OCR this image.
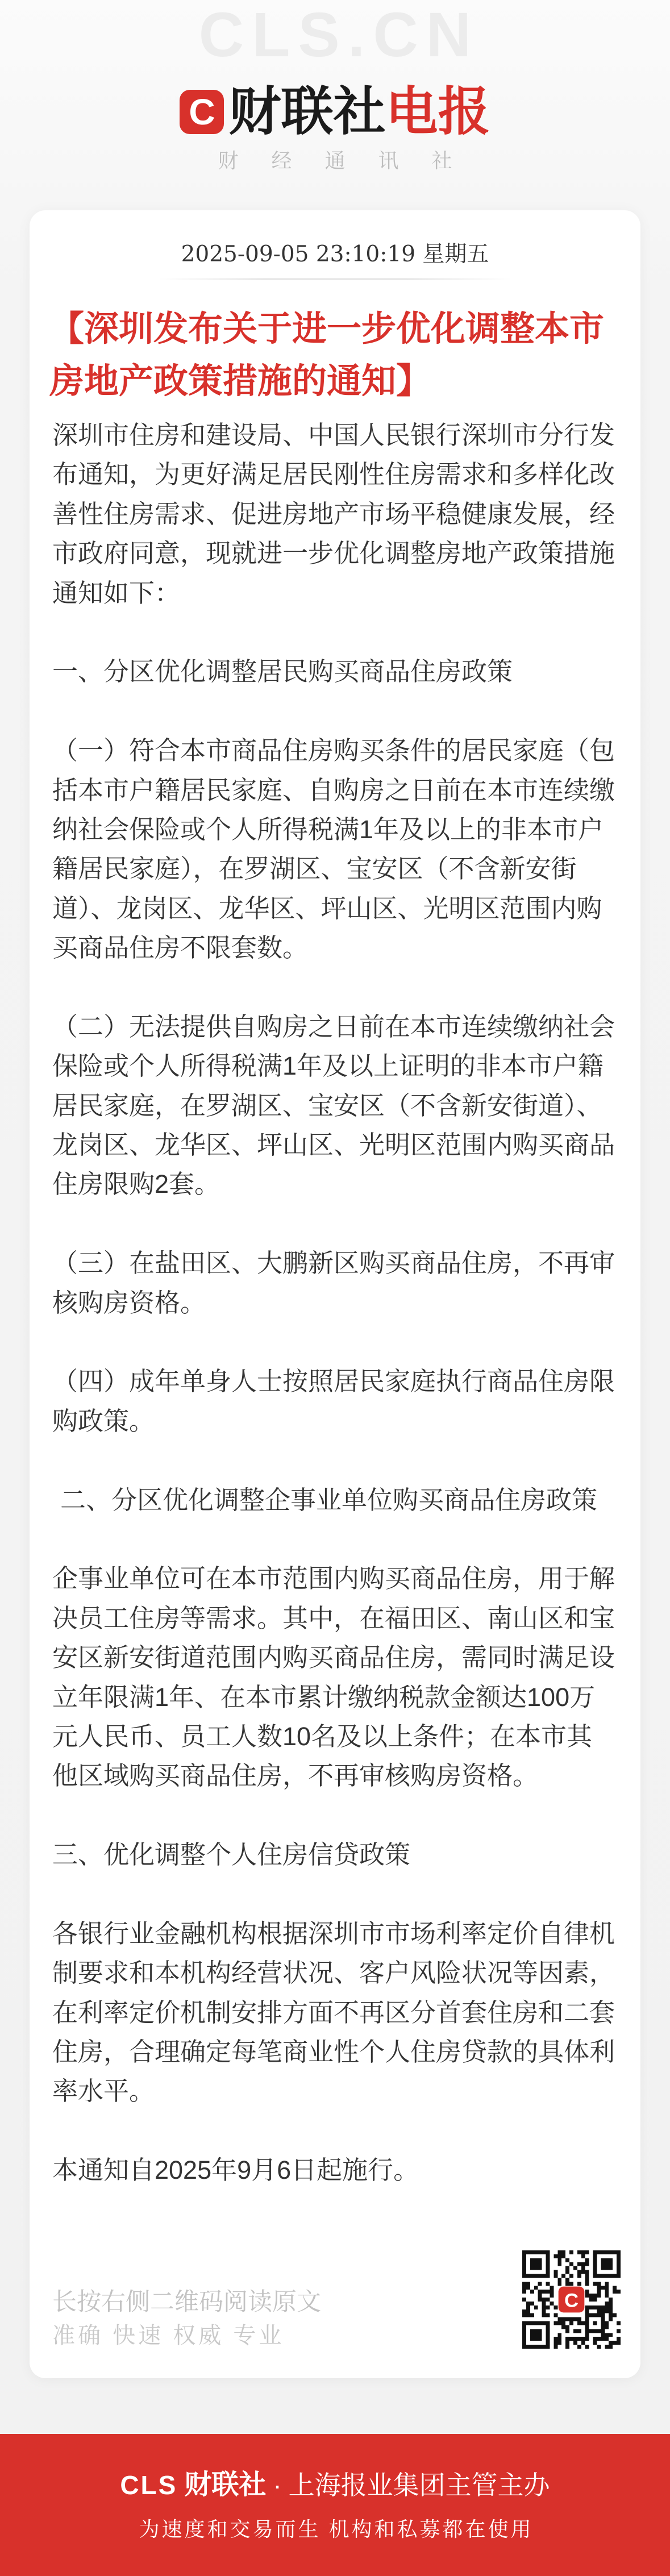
CLS.CN
C 财联社 电报
财 经 通 讯 社
2025-09-05 23:10:19 星期五
【深圳发布关于进一步优化调整本市
房地产政策措施的通知】
深圳市住房和建设局、中国人民银行深圳市分行发
布通知，为更好满足居民刚性住房需求和多样化改
善性住房需求、促进房地产市场平稳健康发展，经
市政府同意，现就进一步优化调整房地产政策措施
通知如下：
一、分区优化调整居民购买商品住房政策
（一）符合本市商品住房购买条件的居民家庭（包
括本市户籍居民家庭、自购房之日前在本市连续缴
纳社会保险或个人所得税满1年及以上的非本市户
籍居民家庭），在罗湖区、宝安区（不含新安街
道）、龙岗区、龙华区、坪山区、光明区范围内购
买商品住房不限套数。
（二）无法提供自购房之日前在本市连续缴纳社会
保险或个人所得税满1年及以上证明的非本市户籍
居民家庭，在罗湖区、宝安区（不含新安街道）、
龙岗区、龙华区、坪山区、光明区范围内购买商品
住房限购2套。
（三）在盐田区、大鹏新区购买商品住房，不再审
核购房资格。
（四）成年单身人士按照居民家庭执行商品住房限
购政策。
二、分区优化调整企事业单位购买商品住房政策
企事业单位可在本市范围内购买商品住房，用于解
决员工住房等需求。其中，在福田区、南山区和宝
安区新安街道范围内购买商品住房，需同时满足设
立年限满1年、在本市累计缴纳税款金额达100万
元人民币、员工人数10名及以上条件；在本市其
他区域购买商品住房，不再审核购房资格。
三、优化调整个人住房信贷政策
各银行业金融机构根据深圳市市场利率定价自律机
制要求和本机构经营状况、客户风险状况等因素，
在利率定价机制安排方面不再区分首套住房和二套
住房，合理确定每笔商业性个人住房贷款的具体利
率水平。
本通知自2025年9月6日起施行。
长按右侧二维码阅读原文
准确 快速 权威 专业
C
CLS 财联社 · 上海报业集团主管主办
为速度和交易而生 机构和私募都在使用
